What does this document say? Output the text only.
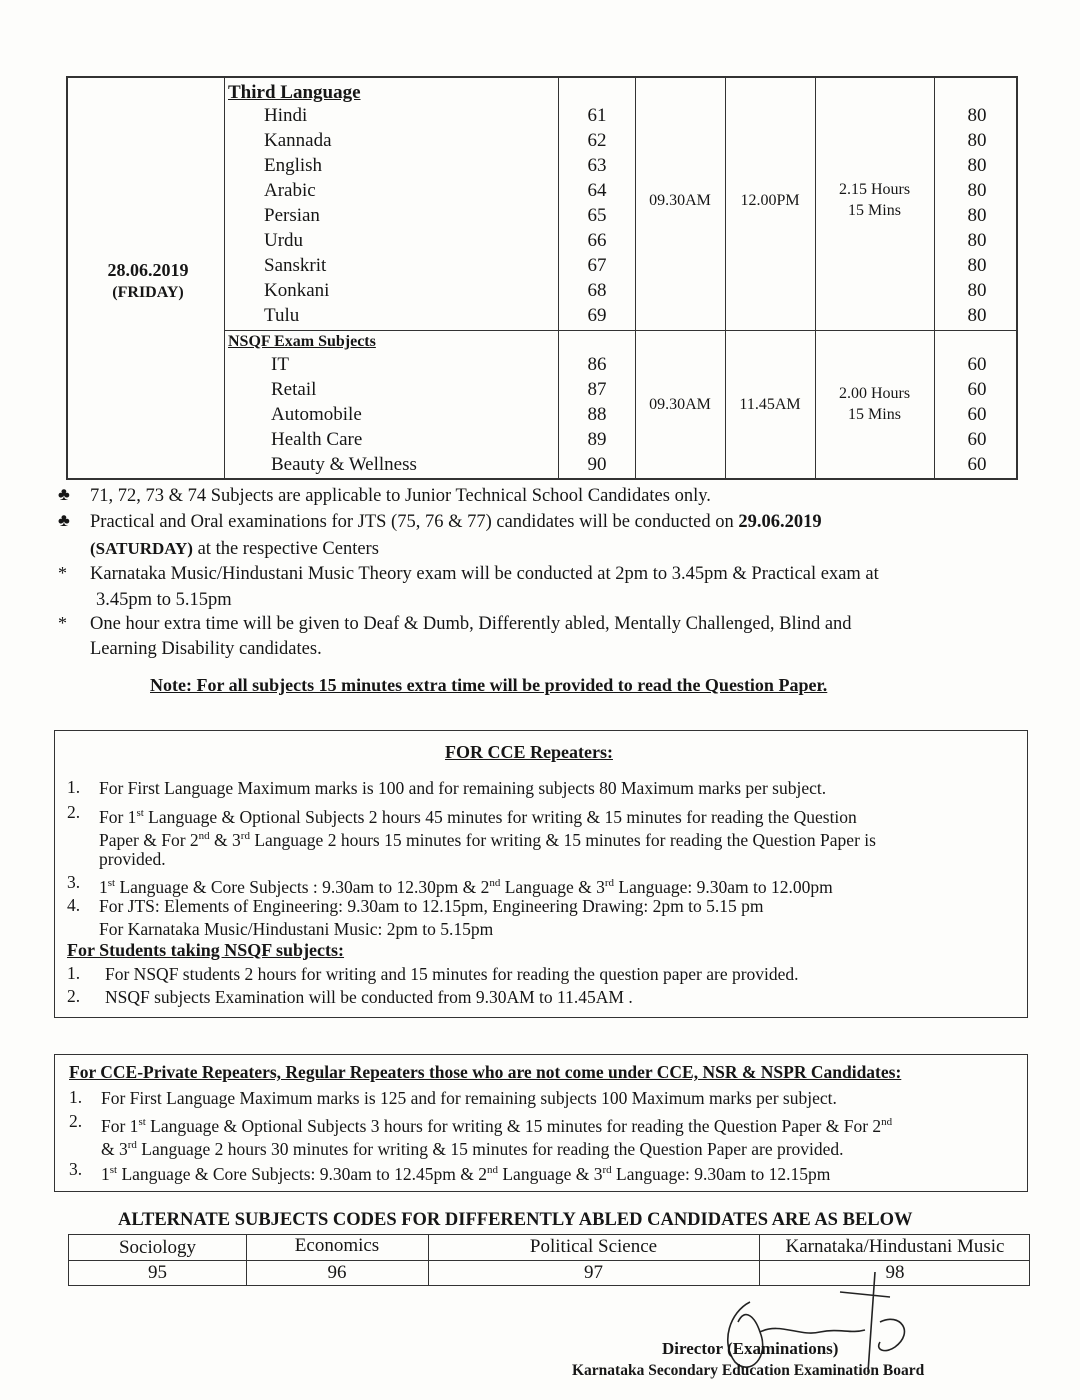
28.06.2019
(FRIDAY)
Third Language
Hindi	61	80
Kannada	62	80
English	63	80
Arabic	64	80
Persian	65	80
Urdu	66	80
Sanskrit	67	80
Konkani	68	80
Tulu	69	80
09.30AM	12.00PM
2.15 Hours
15 Mins
NSQF Exam Subjects
IT	86	60
Retail	87	60
Automobile	88	60
Health Care	89	60
Beauty & Wellness	90	60
09.30AM	11.45AM
2.00 Hours
15 Mins
♣ 71, 72, 73 & 74 Subjects are applicable to Junior Technical School Candidates only.
♣ Practical and Oral examinations for JTS (75, 76 & 77) candidates will be conducted on 29.06.2019
(SATURDAY) at the respective Centers
* Karnataka Music/Hindustani Music Theory exam will be conducted at 2pm to 3.45pm & Practical exam at
3.45pm to 5.15pm
* One hour extra time will be given to Deaf & Dumb, Differently abled, Mentally Challenged, Blind and
Learning Disability candidates.
Note: For all subjects 15 minutes extra time will be provided to read the Question Paper.
FOR CCE Repeaters:
1. For First Language Maximum marks is 100 and for remaining subjects 80 Maximum marks per subject.
2. For 1st Language & Optional Subjects 2 hours 45 minutes for writing & 15 minutes for reading the Question
Paper & For 2nd & 3rd Language 2 hours 15 minutes for writing & 15 minutes for reading the Question Paper is
provided.
3. 1st Language & Core Subjects : 9.30am to 12.30pm & 2nd Language & 3rd Language: 9.30am to 12.00pm
4. For JTS: Elements of Engineering: 9.30am to 12.15pm, Engineering Drawing: 2pm to 5.15 pm
For Karnataka Music/Hindustani Music: 2pm to 5.15pm
For Students taking NSQF subjects:
1. For NSQF students 2 hours for writing and 15 minutes for reading the question paper are provided.
2. NSQF subjects Examination will be conducted from 9.30AM to 11.45AM .
For CCE-Private Repeaters, Regular Repeaters those who are not come under CCE, NSR & NSPR Candidates:
1. For First Language Maximum marks is 125 and for remaining subjects 100 Maximum marks per subject.
2. For 1st Language & Optional Subjects 3 hours for writing & 15 minutes for reading the Question Paper & For 2nd
& 3rd Language 2 hours 30 minutes for writing & 15 minutes for reading the Question Paper are provided.
3. 1st Language & Core Subjects: 9.30am to 12.45pm & 2nd Language & 3rd Language: 9.30am to 12.15pm
ALTERNATE SUBJECTS CODES FOR DIFFERENTLY ABLED CANDIDATES ARE AS BELOW
Sociology	Economics	Political Science	Karnataka/Hindustani Music
95	96	97	98
Director (Examinations)
Karnataka Secondary Education Examination Board
